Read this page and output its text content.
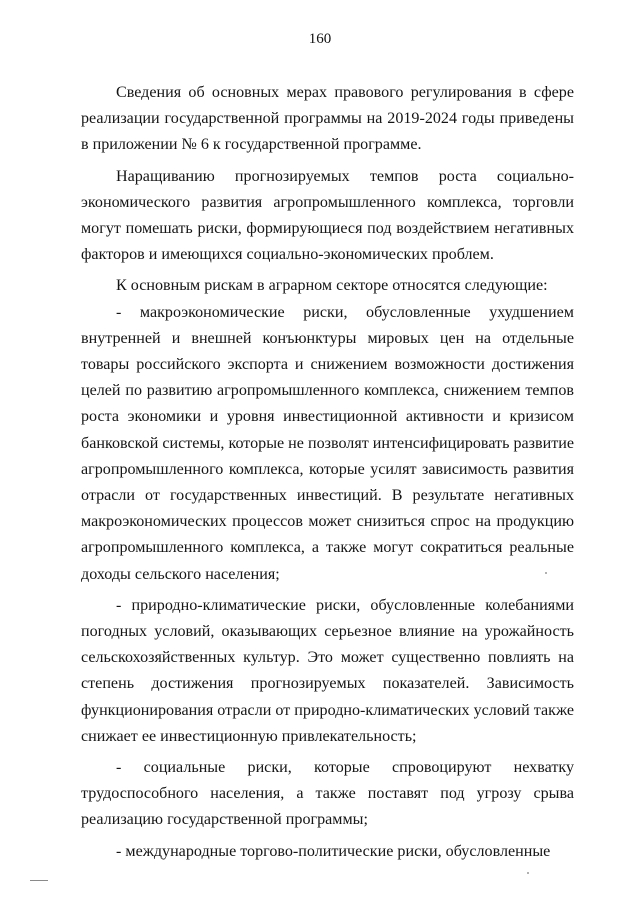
160

Сведения об основных мерах правового регулирования в сфере реализации государственной программы на 2019-2024 годы приведены в приложении № 6 к государственной программе.

Наращиванию прогнозируемых темпов роста социально-экономического развития агропромышленного комплекса, торговли могут помешать риски, формирующиеся под воздействием негативных факторов и имеющихся социально-экономических проблем.

К основным рискам в аграрном секторе относятся следующие:

- макроэкономические риски, обусловленные ухудшением внутренней и внешней конъюнктуры мировых цен на отдельные товары российского экспорта и снижением возможности достижения целей по развитию агропромышленного комплекса, снижением темпов роста экономики и уровня инвестиционной активности и кризисом банковской системы, которые не позволят интенсифицировать развитие агропромышленного комплекса, которые усилят зависимость развития отрасли от государственных инвестиций. В результате негативных макроэкономических процессов может снизиться спрос на продукцию агропромышленного комплекса, а также могут сократиться реальные доходы сельского населения;

- природно-климатические риски, обусловленные колебаниями погодных условий, оказывающих серьезное влияние на урожайность сельскохозяйственных культур. Это может существенно повлиять на степень достижения прогнозируемых показателей. Зависимость функционирования отрасли от природно-климатических условий также снижает ее инвестиционную привлекательность;

- социальные риски, которые спровоцируют нехватку трудоспособного населения, а также поставят под угрозу срыва реализацию государственной программы;

- международные торгово-политические риски, обусловленные
